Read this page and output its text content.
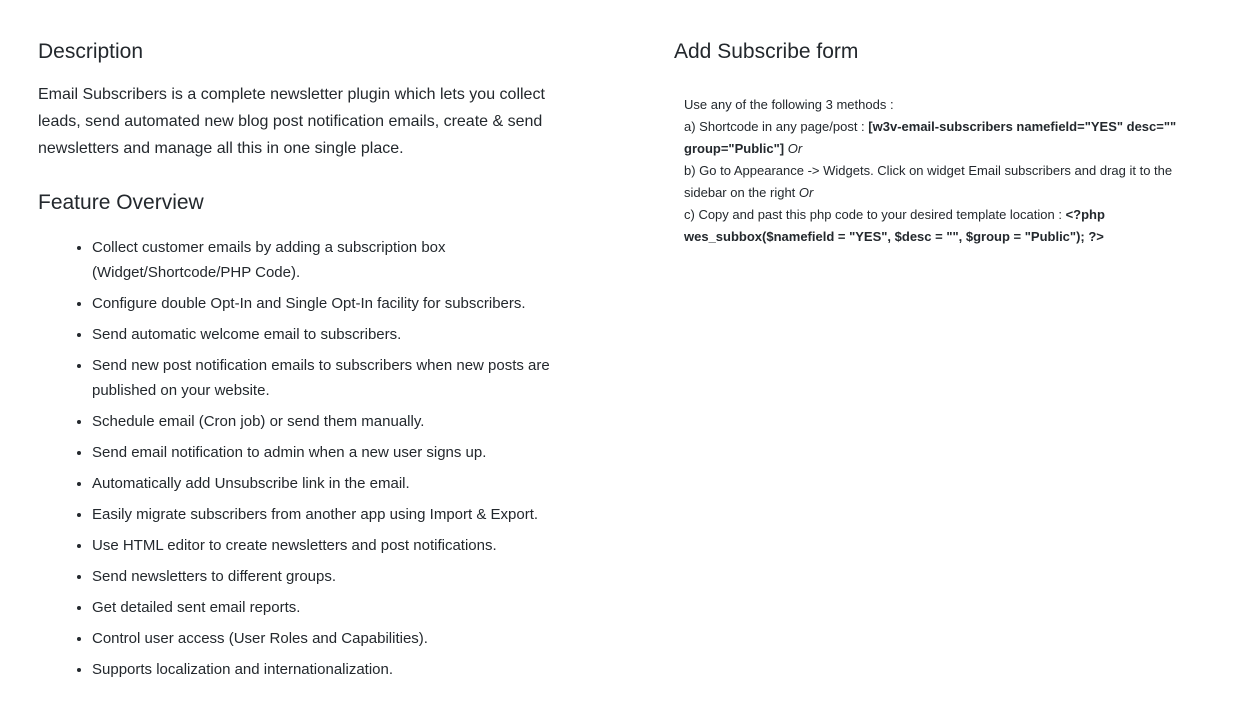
Description

Email Subscribers is a complete newsletter plugin which lets you collect leads, send automated new blog post notification emails, create & send newsletters and manage all this in one single place.

Feature Overview
• Collect customer emails by adding a subscription box (Widget/Shortcode/PHP Code).
• Configure double Opt-In and Single Opt-In facility for subscribers.
• Send automatic welcome email to subscribers.
• Send new post notification emails to subscribers when new posts are published on your website.
• Schedule email (Cron job) or send them manually.
• Send email notification to admin when a new user signs up.
• Automatically add Unsubscribe link in the email.
• Easily migrate subscribers from another app using Import & Export.
• Use HTML editor to create newsletters and post notifications.
• Send newsletters to different groups.
• Get detailed sent email reports.
• Control user access (User Roles and Capabilities).
• Supports localization and internationalization.
Add Subscribe form
Use any of the following 3 methods :
a) Shortcode in any page/post : [w3v-email-subscribers namefield="YES" desc="" group="Public"] Or
b) Go to Appearance -> Widgets. Click on widget Email subscribers and drag it to the sidebar on the right Or
c) Copy and past this php code to your desired template location : <?php wes_subbox($namefield = "YES", $desc = "", $group = "Public"); ?>
